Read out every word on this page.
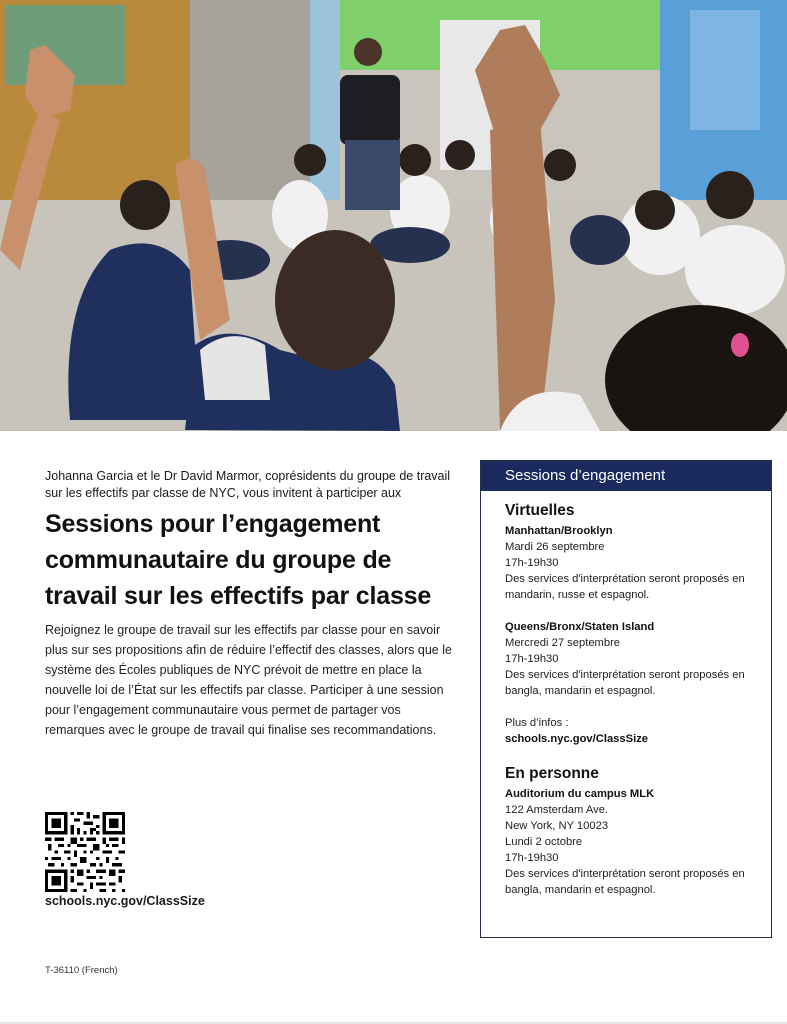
Johanna Garcia et le Dr David Marmor, coprésidents du groupe de travail sur les effectifs par classe de NYC, vous invitent à participer aux

Sessions pour l’engagement communautaire du groupe de travail sur les effectifs par classe

Rejoignez le groupe de travail sur les effectifs par classe pour en savoir plus sur ses propositions afin de réduire l’effectif des classes, alors que le système des Écoles publiques de NYC prévoit de mettre en place la nouvelle loi de l’État sur les effectifs par classe. Participer à une session pour l’engagement communautaire vous permet de partager vos remarques avec le groupe de travail qui finalise ses recommandations.

schools.nyc.gov/ClassSize
T-36110 (French)
Sessions d’engagement
Virtuelles
Manhattan/Brooklyn
Mardi 26 septembre
17h-19h30
Des services d'interprétation seront proposés en mandarin, russe et espagnol.
Queens/Bronx/Staten Island
Mercredi 27 septembre
17h-19h30
Des services d'interprétation seront proposés en bangla, mandarin et espagnol.
Plus d’infos :
schools.nyc.gov/ClassSize
En personne
Auditorium du campus MLK
122 Amsterdam Ave.
New York, NY 10023
Lundi 2 octobre
17h-19h30
Des services d'interprétation seront proposés en bangla, mandarin et espagnol.
